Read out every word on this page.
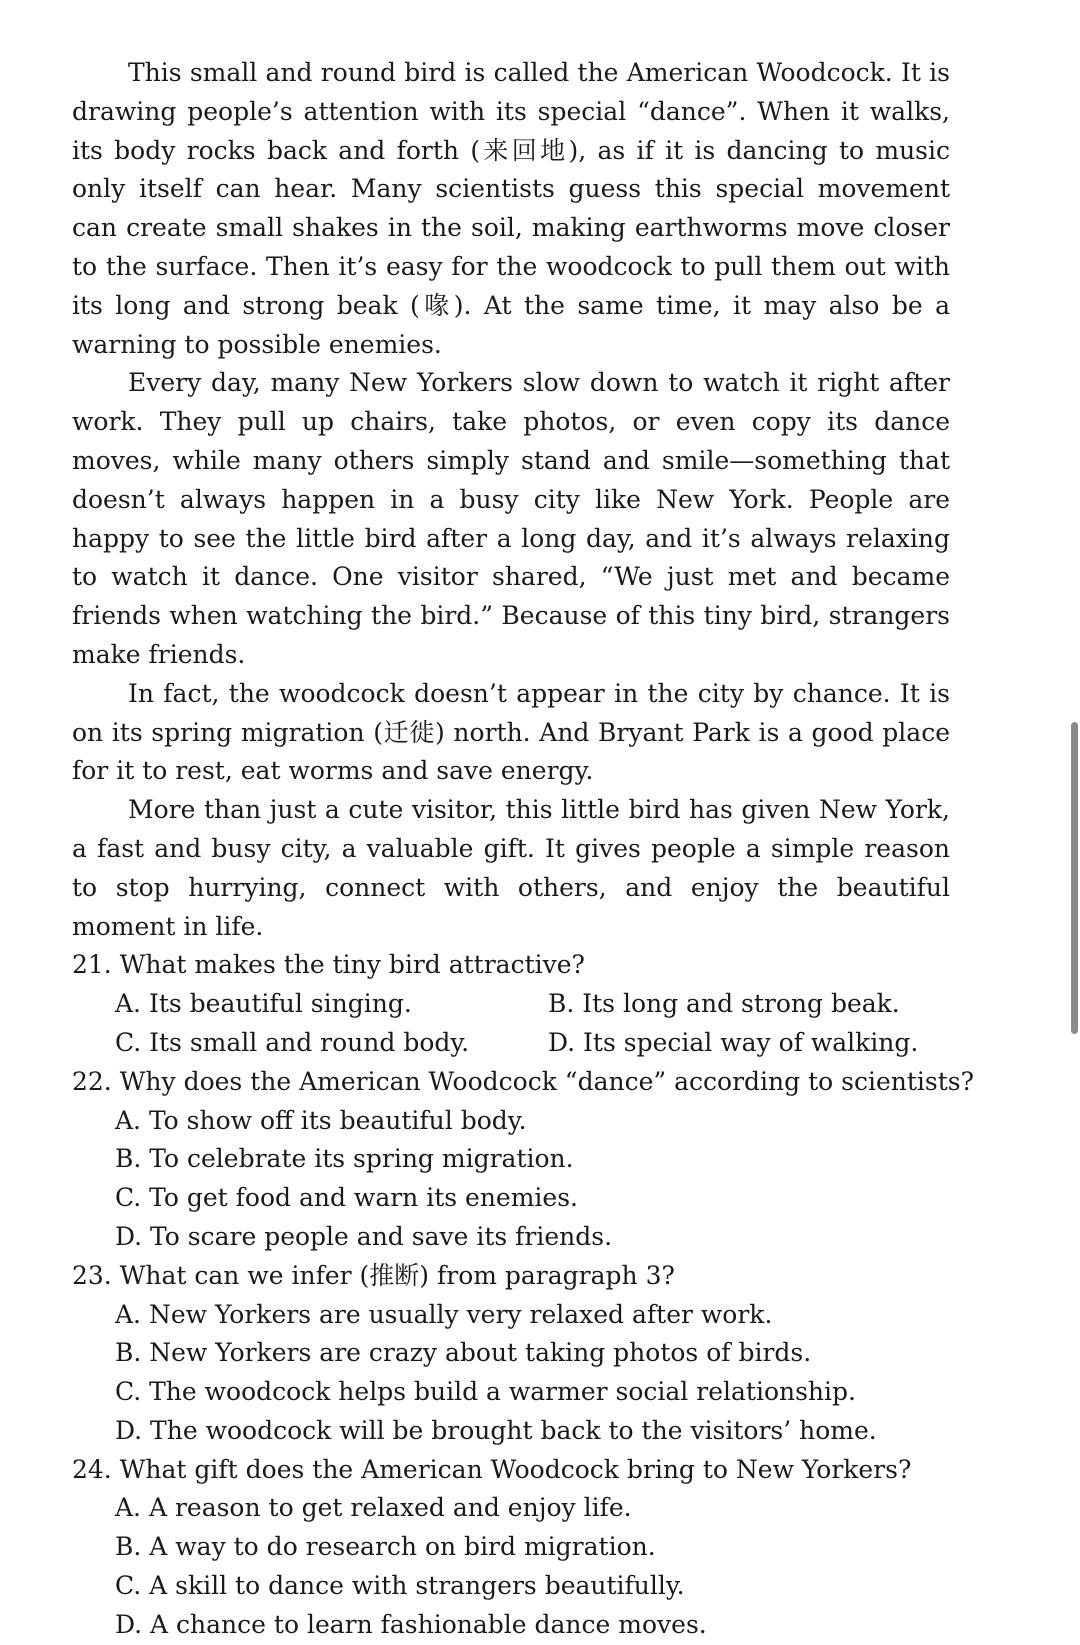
This small and round bird is called the American Woodcock. It is drawing people’s attention with its special “dance”. When it walks, its body rocks back and forth (来回地), as if it is dancing to music only itself can hear. Many scientists guess this special movement can create small shakes in the soil, making earthworms move closer to the surface. Then it’s easy for the woodcock to pull them out with its long and strong beak (喙). At the same time, it may also be a warning to possible enemies.

Every day, many New Yorkers slow down to watch it right after work. They pull up chairs, take photos, or even copy its dance moves, while many others simply stand and smile—something that doesn’t always happen in a busy city like New York. People are happy to see the little bird after a long day, and it’s always relaxing to watch it dance. One visitor shared, “We just met and became friends when watching the bird.” Because of this tiny bird, strangers make friends.

In fact, the woodcock doesn’t appear in the city by chance. It is on its spring migration (迁徙) north. And Bryant Park is a good place for it to rest, eat worms and save energy.

More than just a cute visitor, this little bird has given New York, a fast and busy city, a valuable gift. It gives people a simple reason to stop hurrying, connect with others, and enjoy the beautiful moment in life.

21. What makes the tiny bird attractive?

A. Its beautiful singing.	B. Its long and strong beak.

C. Its small and round body.	D. Its special way of walking.

22. Why does the American Woodcock “dance” according to scientists?

A. To show off its beautiful body.

B. To celebrate its spring migration.

C. To get food and warn its enemies.

D. To scare people and save its friends.

23. What can we infer (推断) from paragraph 3?

A. New Yorkers are usually very relaxed after work.

B. New Yorkers are crazy about taking photos of birds.

C. The woodcock helps build a warmer social relationship.

D. The woodcock will be brought back to the visitors’ home.

24. What gift does the American Woodcock bring to New Yorkers?

A. A reason to get relaxed and enjoy life.

B. A way to do research on bird migration.

C. A skill to dance with strangers beautifully.

D. A chance to learn fashionable dance moves.
